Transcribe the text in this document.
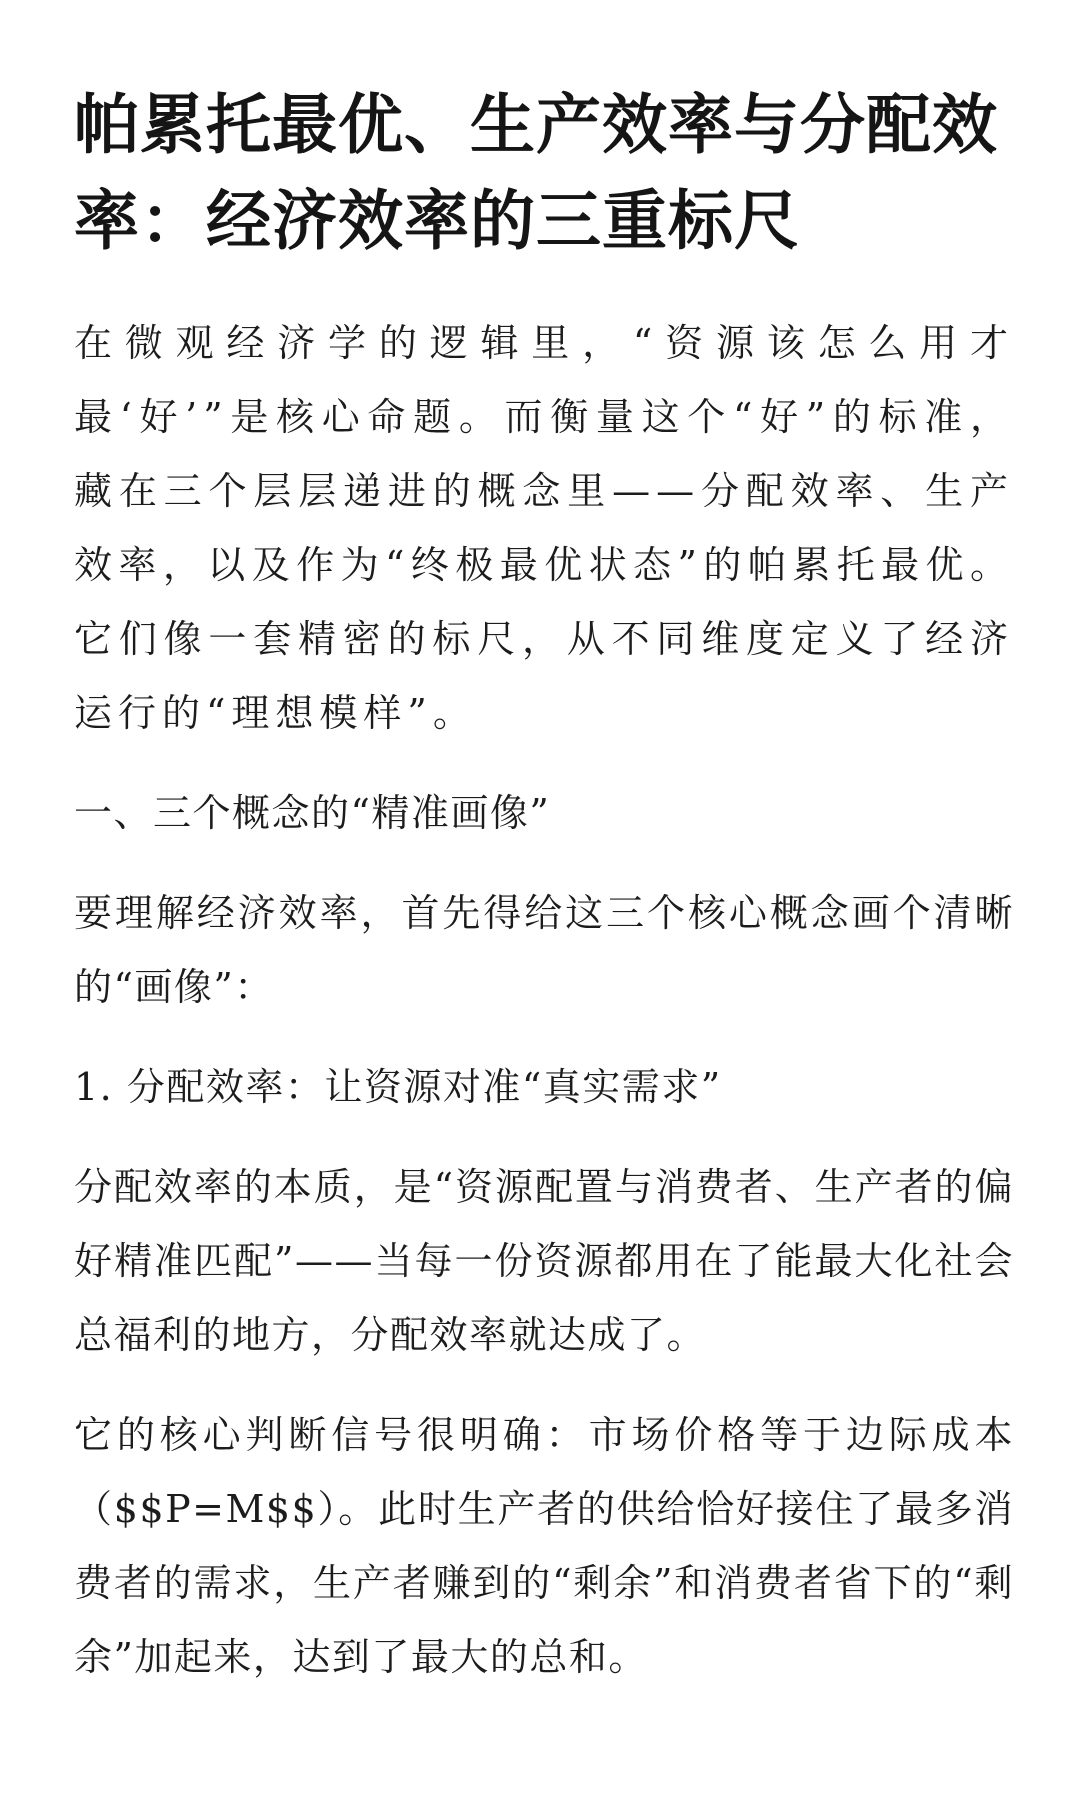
帕累托最优、生产效率与分配效率：经济效率的三重标尺

在微观经济学的逻辑里，“资源该怎么用才最‘好’”是核心命题。而衡量这个“好”的标准，藏在三个层层递进的概念里——分配效率、生产效率，以及作为“终极最优状态”的帕累托最优。它们像一套精密的标尺，从不同维度定义了经济运行的“理想模样”。

一、三个概念的“精准画像”

要理解经济效率，首先得给这三个核心概念画个清晰的“画像”：

1. 分配效率：让资源对准“真实需求”

分配效率的本质，是“资源配置与消费者、生产者的偏好精准匹配”——当每一份资源都用在了能最大化社会总福利的地方，分配效率就达成了。

它的核心判断信号很明确：市场价格等于边际成本（$$P=M$$）。此时生产者的供给恰好接住了最多消费者的需求，生产者赚到的“剩余”和消费者省下的“剩余”加起来，达到了最大的总和。
